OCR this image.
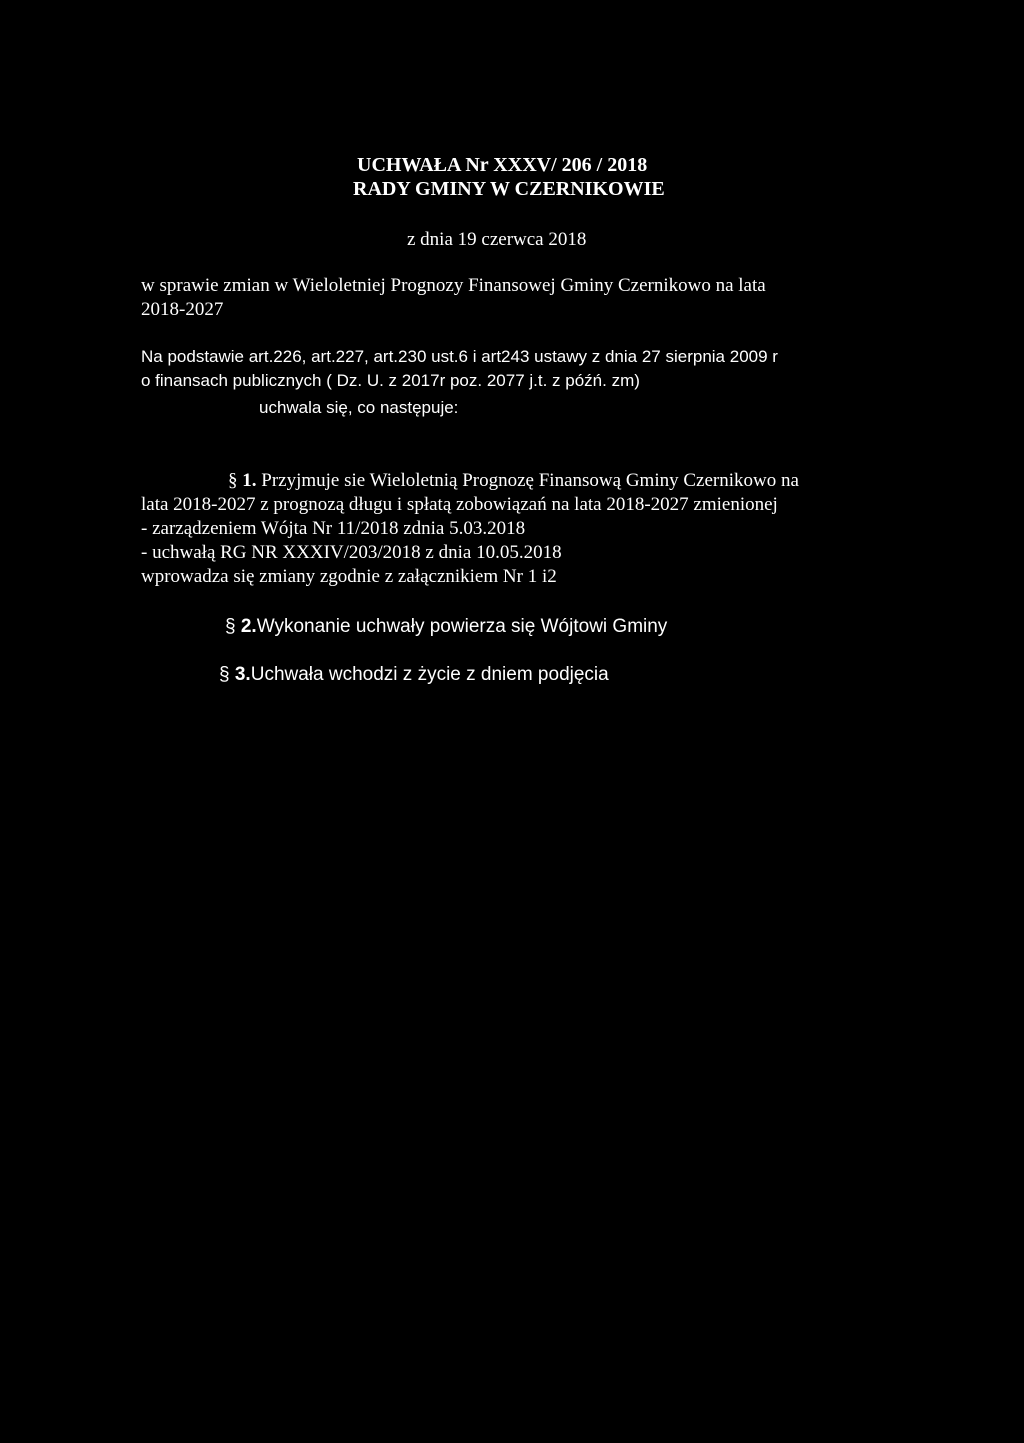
UCHWAŁA Nr XXXV/ 206 / 2018
RADY GMINY W CZERNIKOWIE
z dnia 19 czerwca 2018
w sprawie zmian w Wieloletniej Prognozy Finansowej Gminy Czernikowo na lata
2018-2027
Na podstawie art.226, art.227, art.230 ust.6 i art243 ustawy z dnia 27 sierpnia 2009 r
o finansach publicznych ( Dz. U. z 2017r poz. 2077 j.t. z późń. zm)
uchwala się, co następuje:
§ 1. Przyjmuje sie Wieloletnią Prognozę Finansową Gminy Czernikowo na
lata 2018-2027 z prognozą długu i spłatą zobowiązań na lata 2018-2027 zmienionej
- zarządzeniem Wójta Nr 11/2018 zdnia 5.03.2018
- uchwałą RG NR XXXIV/203/2018 z dnia 10.05.2018
wprowadza się zmiany zgodnie z załącznikiem Nr 1 i2
§ 2.Wykonanie uchwały powierza się Wójtowi Gminy
§ 3.Uchwała wchodzi z życie z dniem podjęcia
